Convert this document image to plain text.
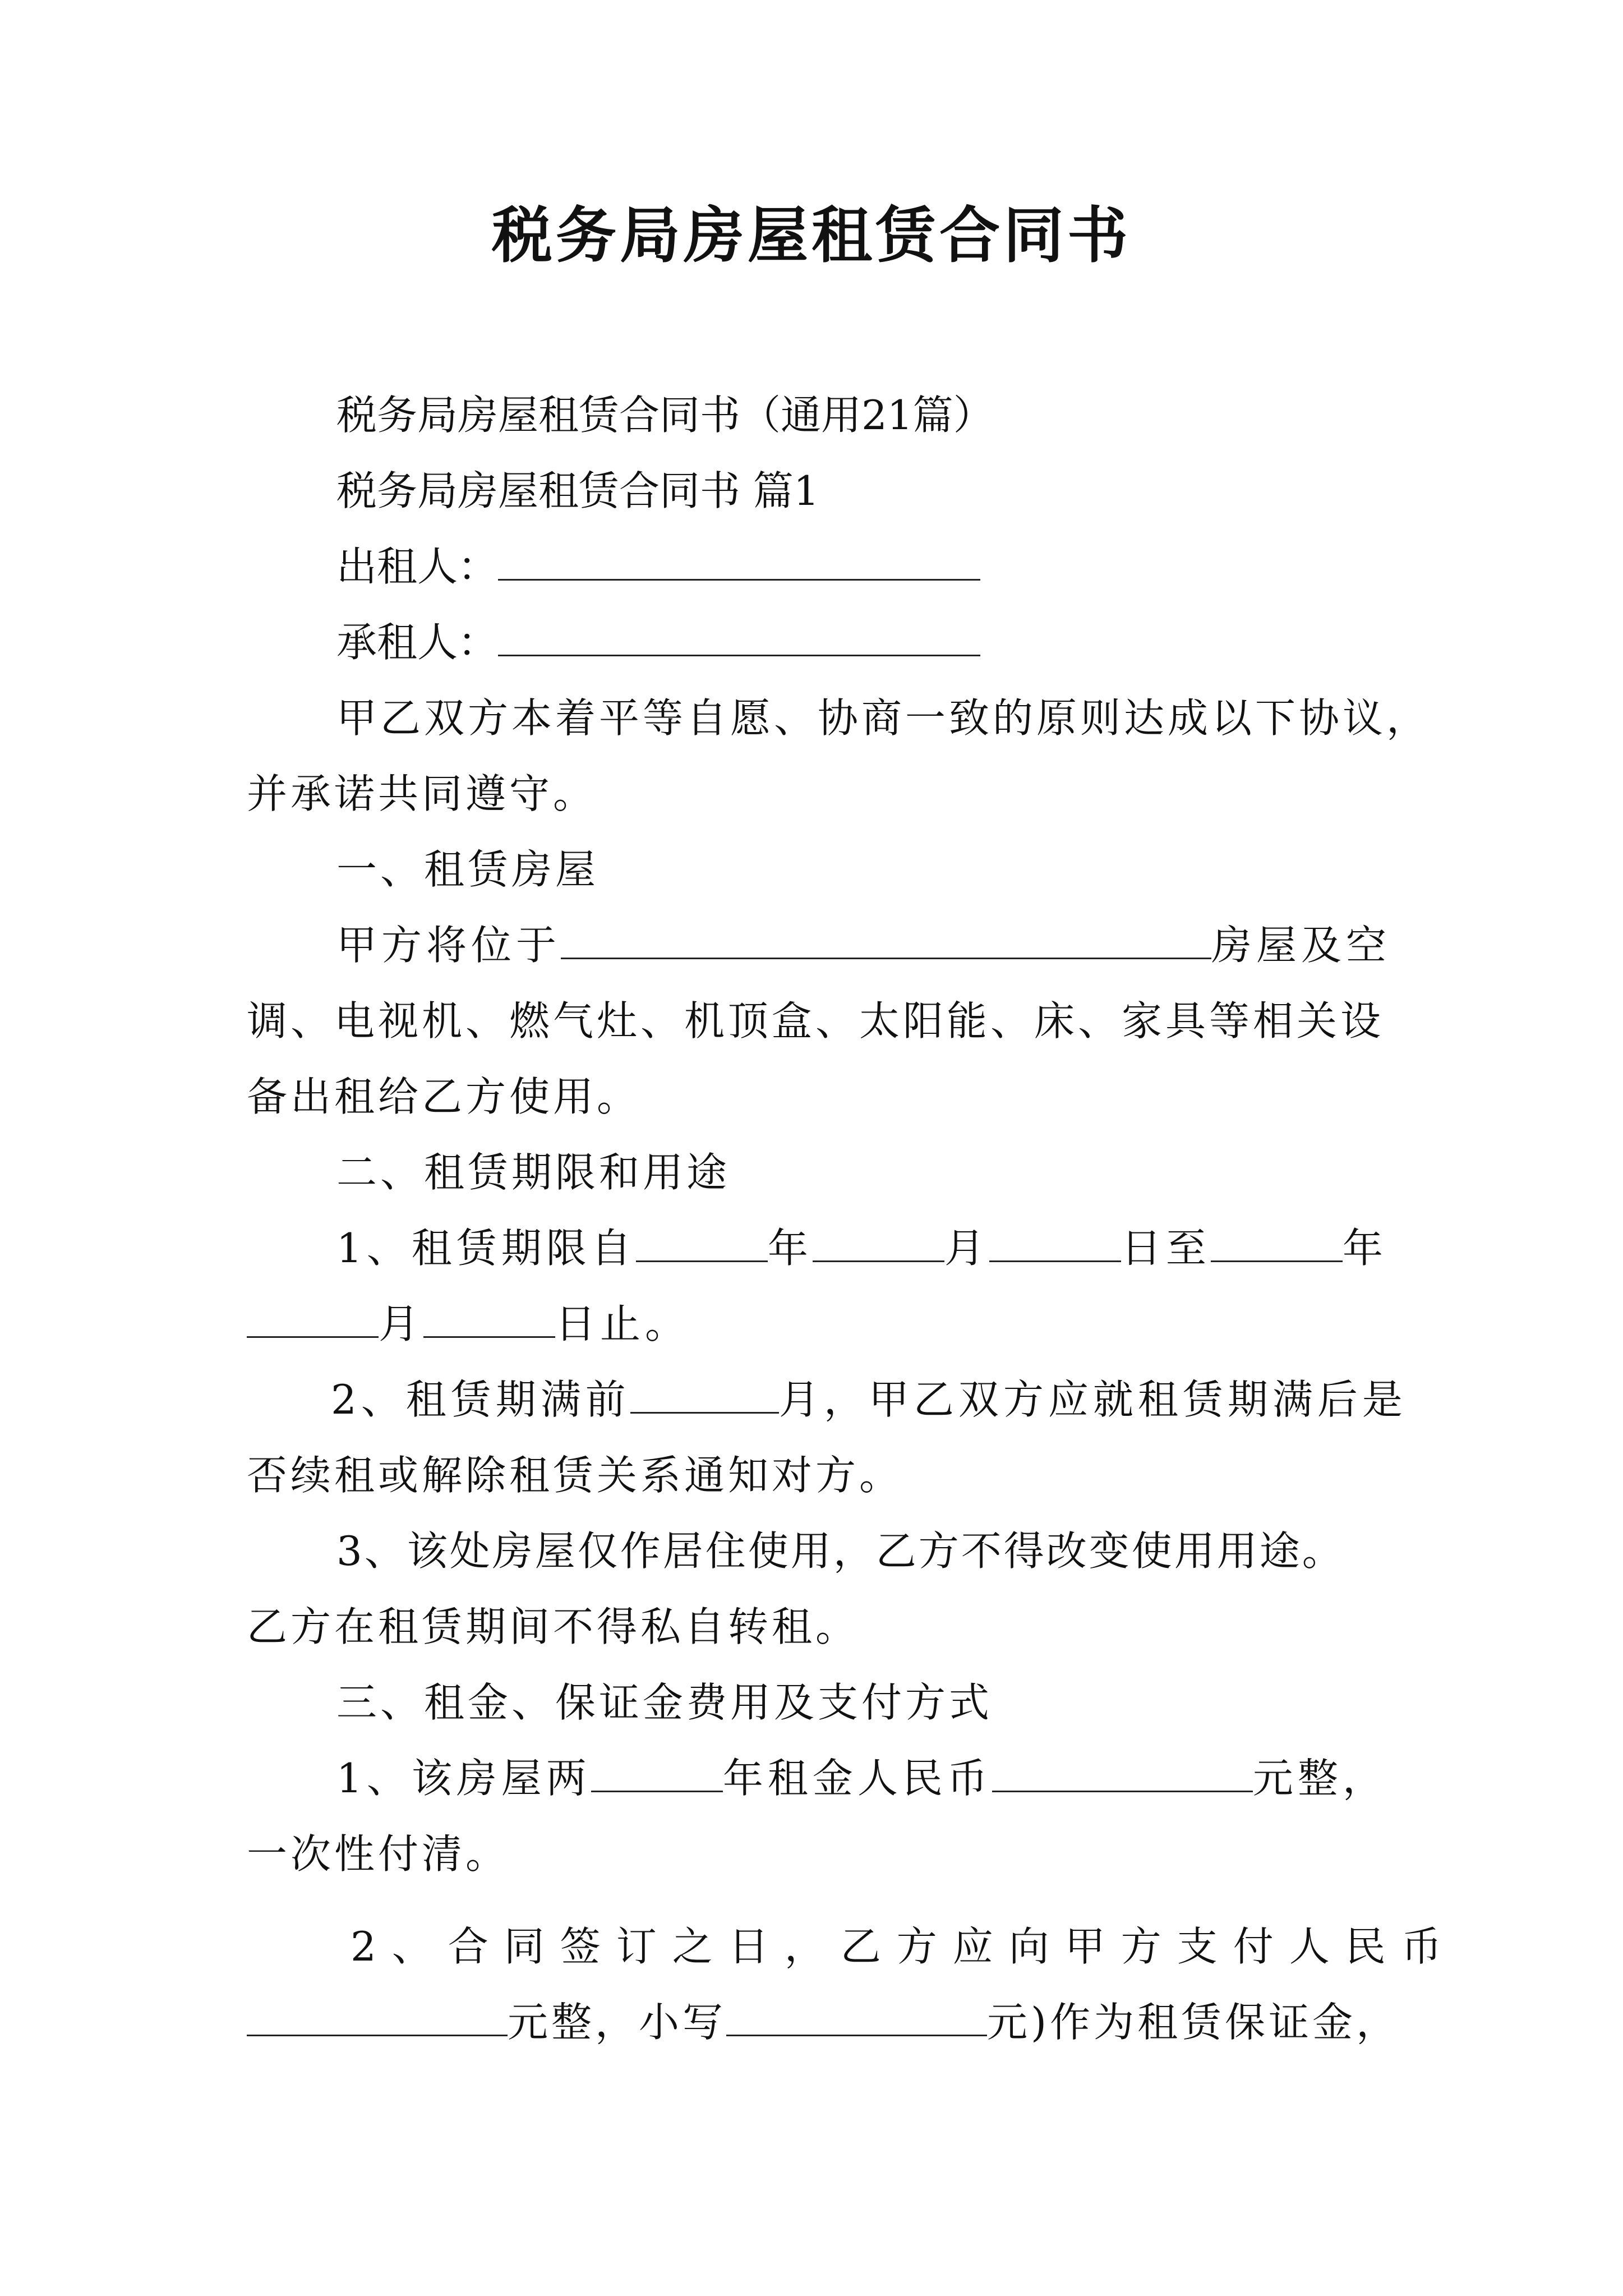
税务局房屋租赁合同书
税务局房屋租赁合同书（通用21篇）
税务局房屋租赁合同书 篇1
出租人：
承租人：
甲乙双方本着平等自愿、协商一致的原则达成以下协议，
并承诺共同遵守。
一、租赁房屋
甲方将位于	房屋及空
调、电视机、燃气灶、机顶盒、太阳能、床、家具等相关设
备出租给乙方使用。
二、租赁期限和用途
1、租赁期限自	年	月	日至	年
月	日止。
2、租赁期满前	月，甲乙双方应就租赁期满后是
否续租或解除租赁关系通知对方。
3、该处房屋仅作居住使用，乙方不得改变使用用途。
乙方在租赁期间不得私自转租。
三、租金、保证金费用及支付方式
1、该房屋两	年租金人民币	元整，
一次性付清。
2、合同签订之日，乙方应向甲方支付人民币
元整，小写	元)作为租赁保证金，
